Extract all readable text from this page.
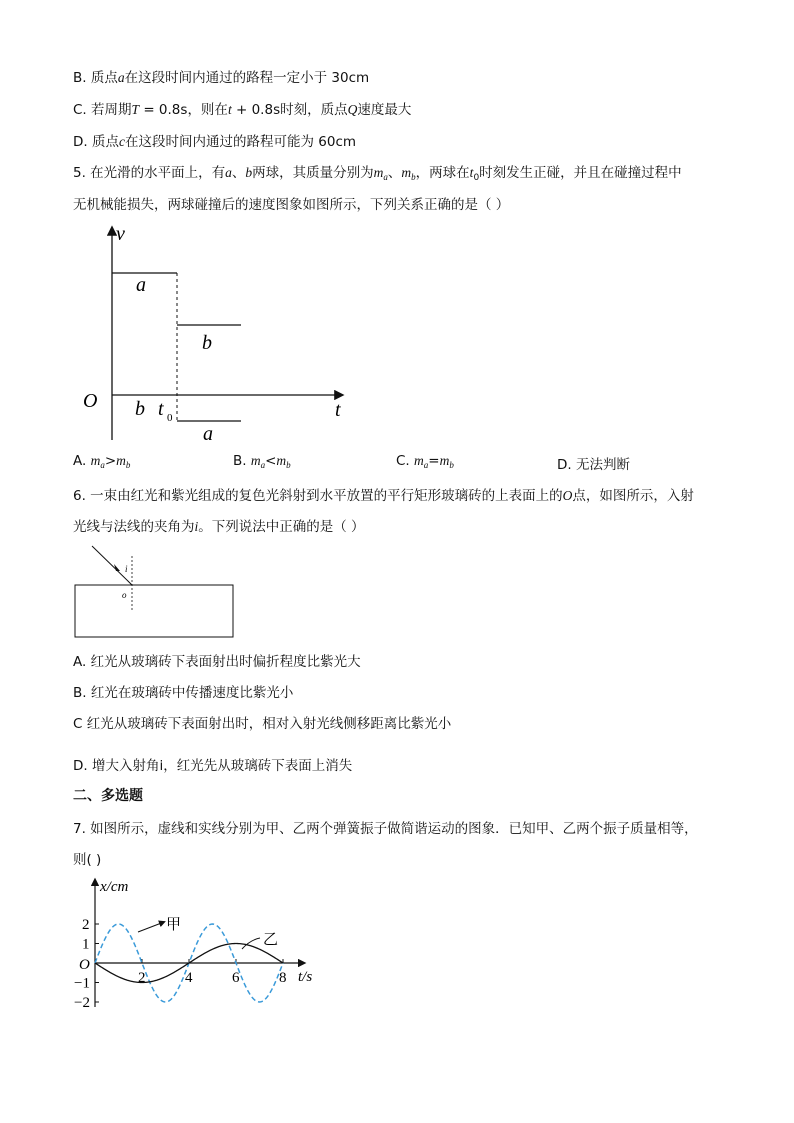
B. 质点a在这段时间内通过的路程一定小于 30cm
C. 若周期T = 0.8s，则在t + 0.8s时刻，质点Q速度最大
D. 质点c在这段时间内通过的路程可能为 60cm
5. 在光滑的水平面上，有a、b两球，其质量分别为$m_a$、$m_b$，两球在$t_0$时刻发生正碰，并且在碰撞过程中
无机械能损失，两球碰撞后的速度图象如图所示，下列关系正确的是（ ）
v
t
O
a
b
b t 0
a
A. $m_a>m_b$	B. $m_a<m_b$	C. $m_a=m_b$	D. 无法判断
6. 一束由红光和紫光组成的复色光斜射到水平放置的平行矩形玻璃砖的上表面上的O点，如图所示，入射
光线与法线的夹角为i。下列说法中正确的是（ ）
i
o
A. 红光从玻璃砖下表面射出时偏折程度比紫光大
B. 红光在玻璃砖中传播速度比紫光小
C 红光从玻璃砖下表面射出时，相对入射光线侧移距离比紫光小
D. 增大入射角i，红光先从玻璃砖下表面上消失
二、多选题
7. 如图所示，虚线和实线分别为甲、乙两个弹簧振子做简谐运动的图象．已知甲、乙两个振子质量相等，
则( )
x/cm
t/s
O
2	4	6	8
2
1
−1
−2
甲
乙
